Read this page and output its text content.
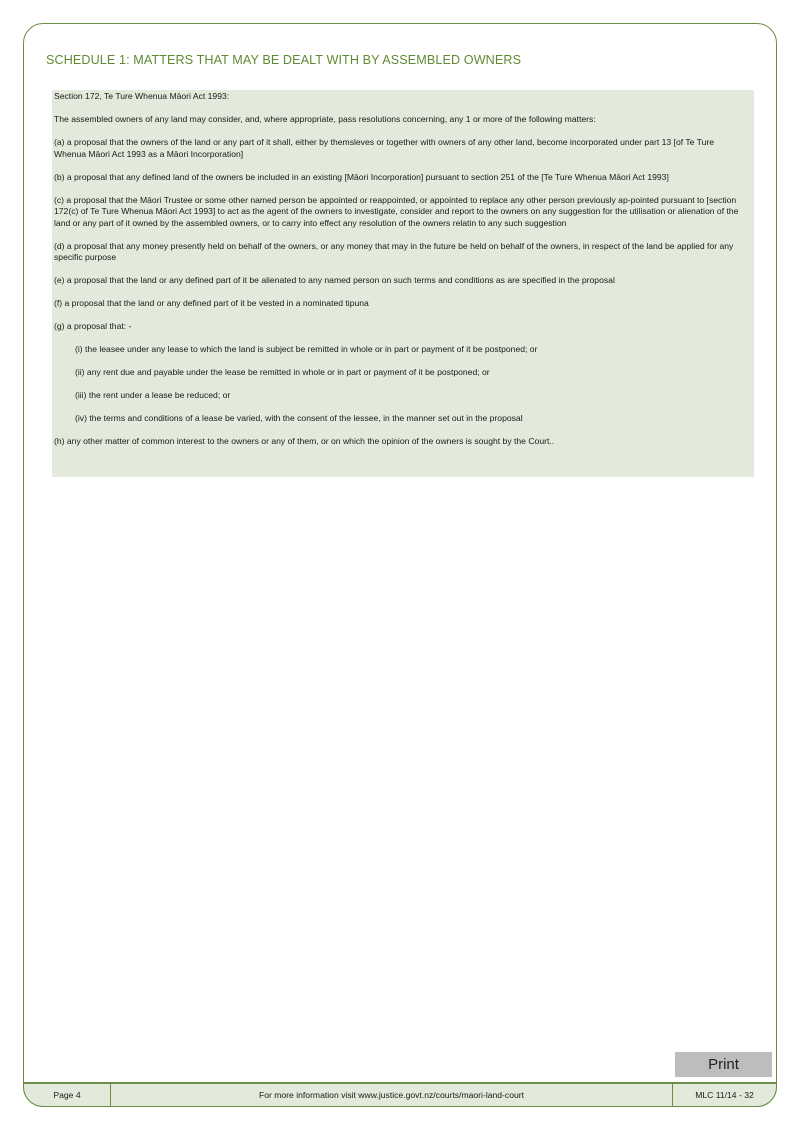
SCHEDULE 1: MATTERS THAT MAY BE DEALT WITH BY ASSEMBLED OWNERS

Section 172, Te Ture Whenua Māori Act 1993:

The assembled owners of any land may consider, and, where appropriate, pass resolutions concerning, any 1 or more of the following matters:

(a) a proposal that the owners of the land or any part of it shall, either by themsleves or together with owners of any other land, become incorporated under part 13 [of Te Ture Whenua Māori Act 1993 as a Māori Incorporation]

(b) a proposal that any defined land of the owners be included in an existing [Māori Incorporation] pursuant to section 251 of the [Te Ture Whenua Māori Act 1993]

(c) a proposal that the Māori Trustee or some other named person be appointed or reappointed, or appointed to replace any other person previously ap-pointed pursuant to [section 172(c) of Te Ture Whenua Māori Act 1993] to act as the agent of the owners to investigate, consider and report to the owners on any suggestion for the utilisation or alienation of the land or any part of it owned by the assembled owners, or to carry into effect any resolution of the owners relatin to any such suggestion

(d) a proposal that any money presently held on behalf of the owners, or any money that may in the future be held on behalf of the owners, in respect of the land be applied for any specific purpose

(e) a proposal that the land or any defined part of it be alienated to any named person on such terms and conditions as are specified in the proposal

(f) a proposal that the land or any defined part of it be vested in a nominated tipuna

(g) a proposal that: -

(i) the leasee under any lease to which the land is subject be remitted in whole or in part or payment of it be postponed; or

(ii) any rent due and payable under the lease be remitted in whole or in part or payment of it be postponed; or

(iii) the rent under a lease be reduced; or

(iv) the terms and conditions of a lease be varied, with the consent of the lessee, in the manner set out in the proposal

(h) any other matter of common interest to the owners or any of them, or on which the opinion of the owners is sought by the Court..

Print
Page 4	For more information visit www.justice.govt.nz/courts/maori-land-court	MLC 11/14 - 32
